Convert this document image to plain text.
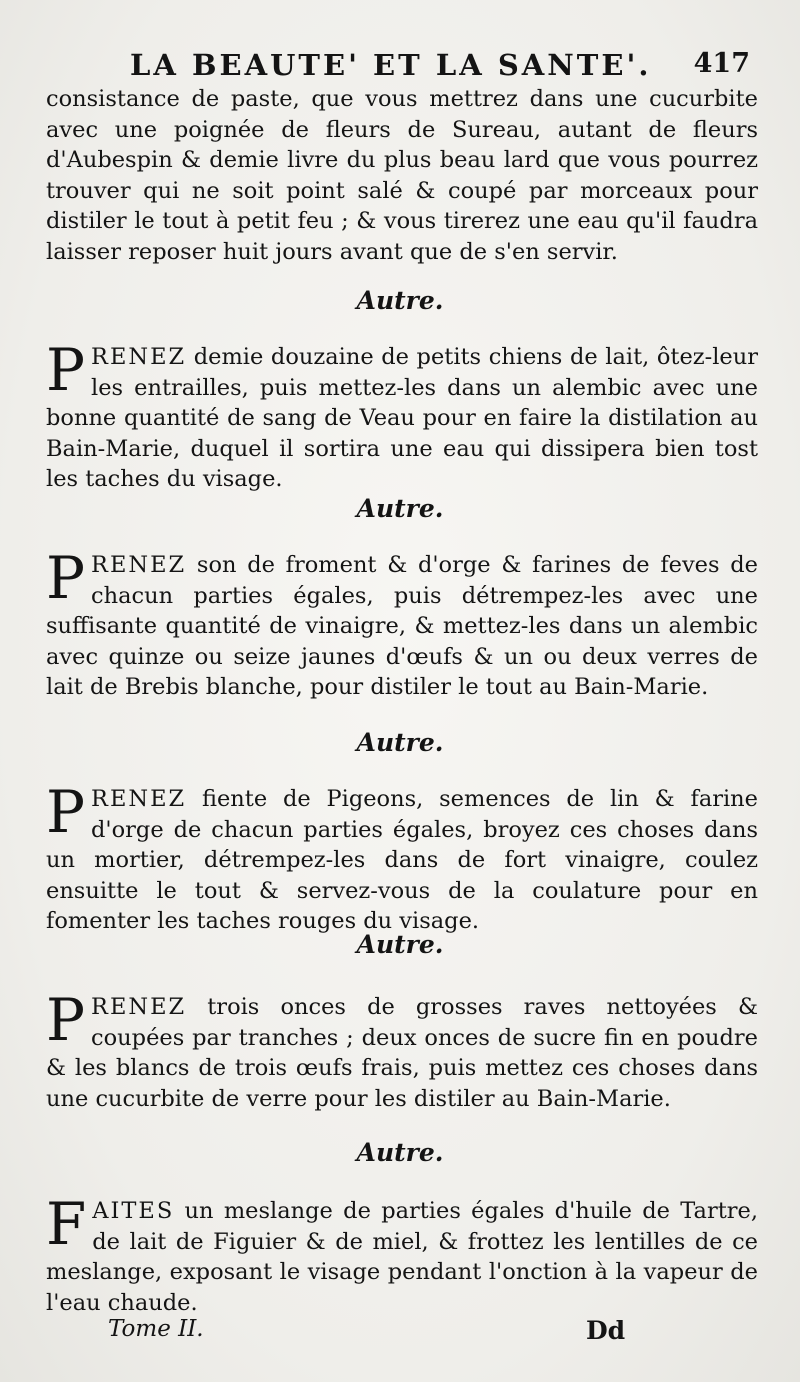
LA BEAUTE' ET LA SANTE'. 417

consistance de paste, que vous mettrez dans une cucurbite avec une poignée de fleurs de Sureau, autant de fleurs d'Aubespin & demie livre du plus beau lard que vous pourrez trouver qui ne soit point salé & coupé par morceaux pour distiler le tout à petit feu ; & vous tirerez une eau qu'il faudra laisser reposer huit jours avant que de s'en servir.

Autre.

PRENEZ demie douzaine de petits chiens de lait, ôtez-leur les entrailles, puis mettez-les dans un alembic avec une bonne quantité de sang de Veau pour en faire la distilation au Bain-Marie, duquel il sortira une eau qui dissipera bien tost les taches du visage.

Autre.

PRENEZ son de froment & d'orge & farines de feves de chacun parties égales, puis détrempez-les avec une suffisante quantité de vinaigre, & mettez-les dans un alembic avec quinze ou seize jaunes d'œufs & un ou deux verres de lait de Brebis blanche, pour distiler le tout au Bain-Marie.

Autre.

PRENEZ fiente de Pigeons, semences de lin & farine d'orge de chacun parties égales, broyez ces choses dans un mortier, détrempez-les dans de fort vinaigre, coulez ensuitte le tout & servez-vous de la coulature pour en fomenter les taches rouges du visage.

Autre.

PRENEZ trois onces de grosses raves nettoyées & coupées par tranches ; deux onces de sucre fin en poudre & les blancs de trois œufs frais, puis mettez ces choses dans une cucurbite de verre pour les distiler au Bain-Marie.

Autre.

FAITES un meslange de parties égales d'huile de Tartre, de lait de Figuier & de miel, & frottez les lentilles de ce meslange, exposant le visage pendant l'onction à la vapeur de l'eau chaude.

Tome II.	Dd
